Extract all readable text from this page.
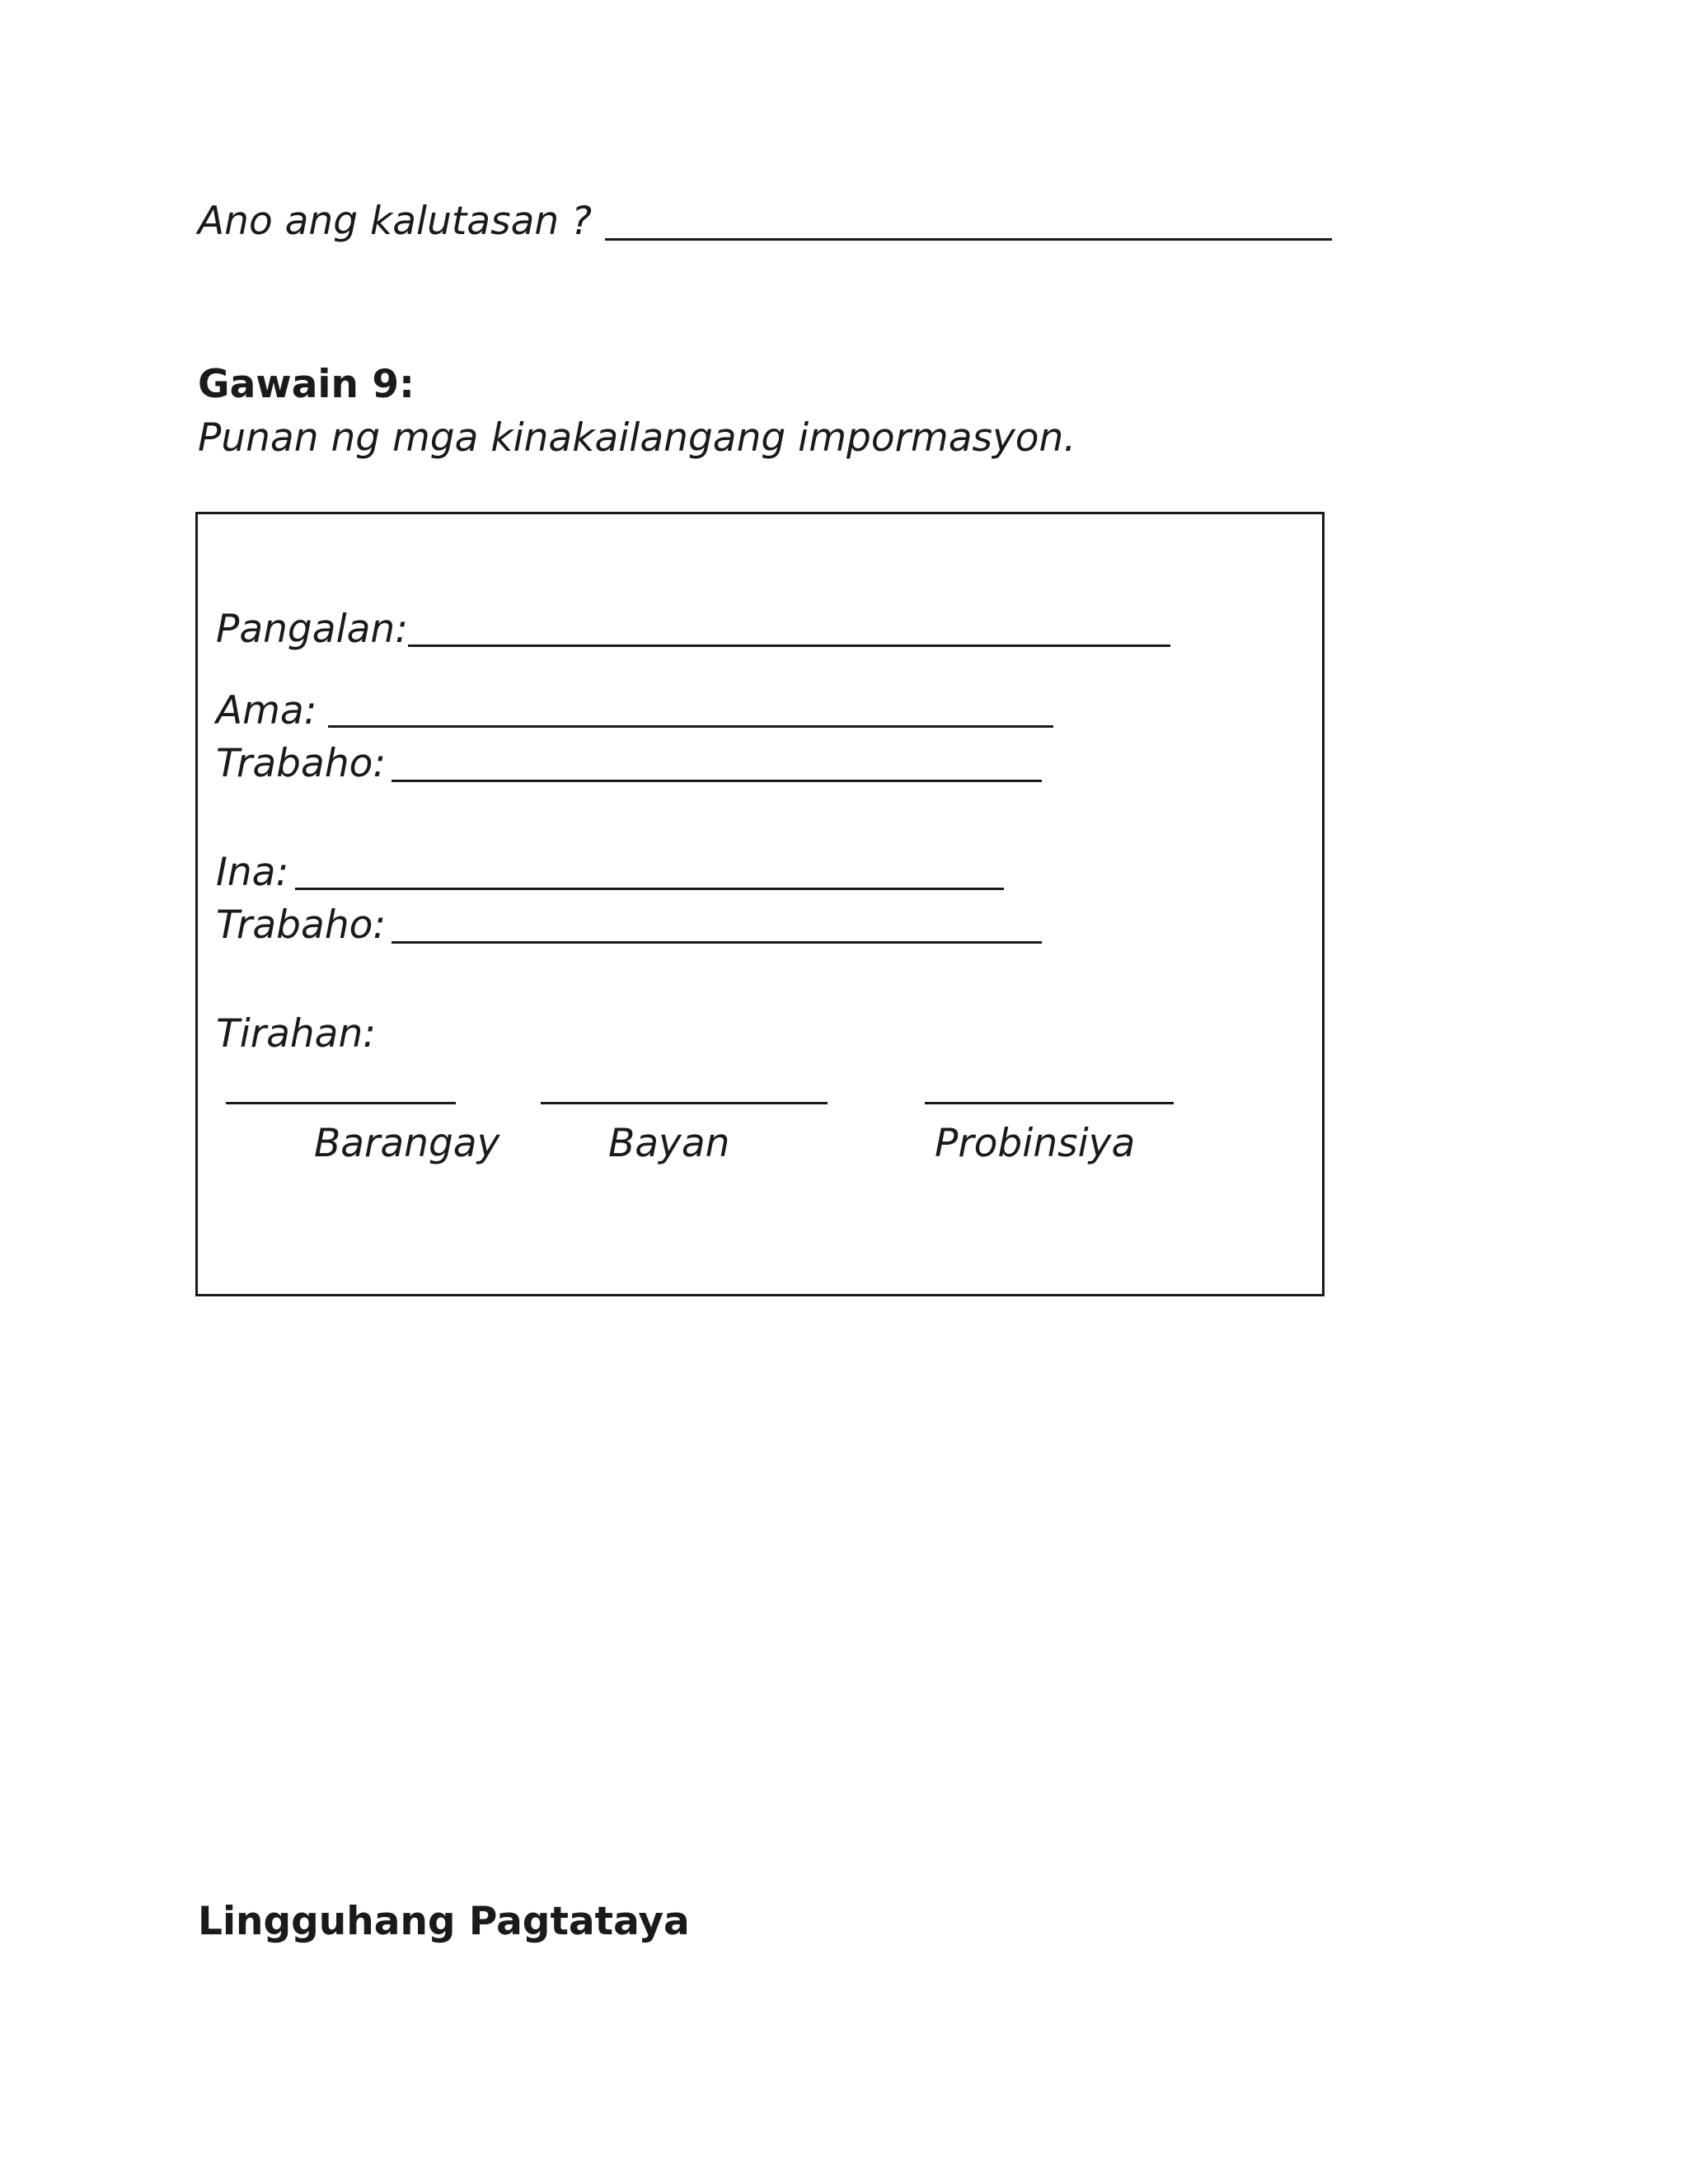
Ano ang kalutasan ?
Gawain 9:
Punan ng mga kinakailangang impormasyon.
Pangalan:
Ama:
Trabaho:
Ina:
Trabaho:
Tirahan:
Barangay	Bayan	Probinsiya
Lingguhang Pagtataya
